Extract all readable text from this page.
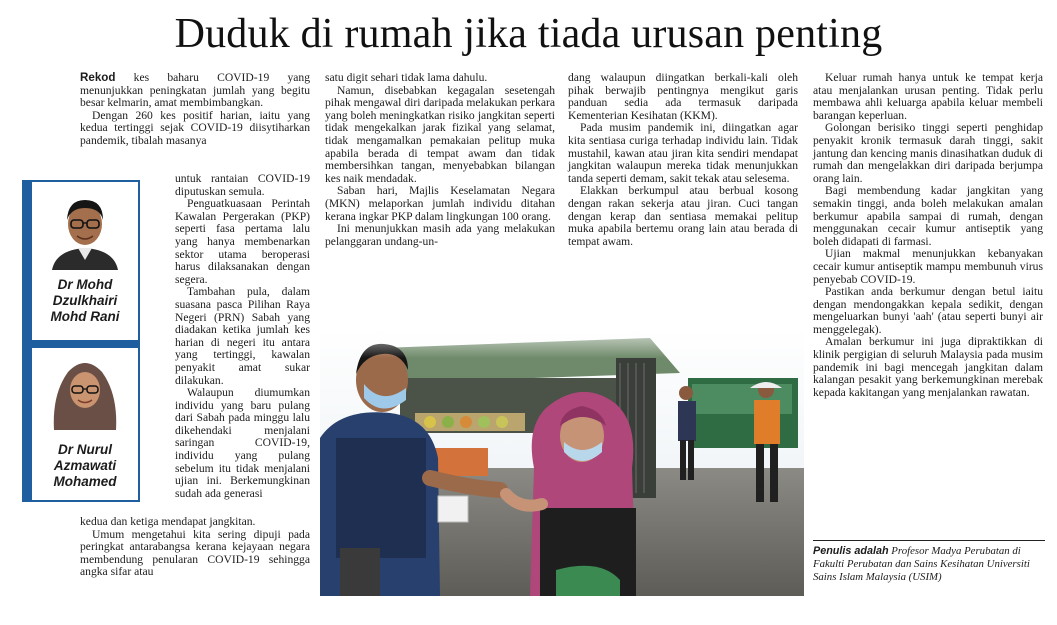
Duduk di rumah jika tiada urusan penting

Rekod kes baharu COVID-19 yang menunjukkan peningkatan jumlah yang begitu besar kelmarin, amat membimbangkan.

Dengan 260 kes positif harian, iaitu yang kedua tertinggi sejak COVID-19 diisytiharkan pandemik, tibalah masanya

untuk rantaian COVID-19 diputuskan semula.

Penguatkuasaan Perintah Kawalan Pergerakan (PKP) seperti fasa pertama lalu yang hanya membenarkan sektor utama beroperasi harus dilaksanakan dengan segera.

Tambahan pula, dalam suasana pasca Pilihan Raya Negeri (PRN) Sabah yang diadakan ketika jumlah kes harian di negeri itu antara yang tertinggi, kawalan penyakit amat sukar dilakukan.

Walaupun diumumkan individu yang baru pulang dari Sabah pada minggu lalu dikehendaki menjalani saringan COVID-19, individu yang pulang sebelum itu tidak menjalani ujian ini. Berkemungkinan sudah ada generasi

kedua dan ketiga mendapat jangkitan.

Umum mengetahui kita sering dipuji pada peringkat antarabangsa kerana kejayaan negara membendung penularan COVID-19 sehingga angka sifar atau

Dr Mohd
Dzulkhairi
Mohd Rani
Dr Nurul
Azmawati
Mohamed

satu digit sehari tidak lama dahulu.

Namun, disebabkan kegagalan sesetengah pihak mengawal diri daripada melakukan perkara yang boleh meningkatkan risiko jangkitan seperti tidak mengekalkan jarak fizikal yang selamat, tidak mengamalkan pemakaian pelitup muka apabila berada di tempat awam dan tidak membersihkan tangan, menyebabkan bilangan kes naik mendadak.

Saban hari, Majlis Keselamatan Negara (MKN) melaporkan jumlah individu ditahan kerana ingkar PKP dalam lingkungan 100 orang.

Ini menunjukkan masih ada yang melakukan pelanggaran undang-un-

dang walaupun diingatkan berkali-kali oleh pihak berwajib pentingnya mengikut garis panduan sedia ada termasuk daripada Kementerian Kesihatan (KKM).

Pada musim pandemik ini, diingatkan agar kita sentiasa curiga terhadap individu lain. Tidak mustahil, kawan atau jiran kita sendiri mendapat jangkitan walaupun mereka tidak menunjukkan tanda seperti demam, sakit tekak atau selesema.

Elakkan berkumpul atau berbual kosong dengan rakan sekerja atau jiran. Cuci tangan dengan kerap dan sentiasa memakai pelitup muka apabila bertemu orang lain atau berada di tempat awam.

Keluar rumah hanya untuk ke tempat kerja atau menjalankan urusan penting. Tidak perlu membawa ahli keluarga apabila keluar membeli barangan keperluan.

Golongan berisiko tinggi seperti penghidap penyakit kronik termasuk darah tinggi, sakit jantung dan kencing manis dinasihatkan duduk di rumah dan mengelakkan diri daripada berjumpa orang lain.

Bagi membendung kadar jangkitan yang semakin tinggi, anda boleh melakukan amalan berkumur apabila sampai di rumah, dengan menggunakan cecair kumur antiseptik yang boleh didapati di farmasi.

Ujian makmal menunjukkan kebanyakan cecair kumur antiseptik mampu membunuh virus penyebab COVID-19.

Pastikan anda berkumur dengan betul iaitu dengan mendongakkan kepala sedikit, dengan mengeluarkan bunyi 'aah' (atau seperti bunyi air menggelegak).

Amalan berkumur ini juga dipraktikkan di klinik pergigian di seluruh Malaysia pada musim pandemik ini bagi mencegah jangkitan dalam kalangan pesakit yang berkemungkinan merebak kepada kakitangan yang menjalankan rawatan.

Penulis adalah Profesor Madya Perubatan di Fakulti Perubatan dan Sains Kesihatan Universiti Sains Islam Malaysia (USIM)
